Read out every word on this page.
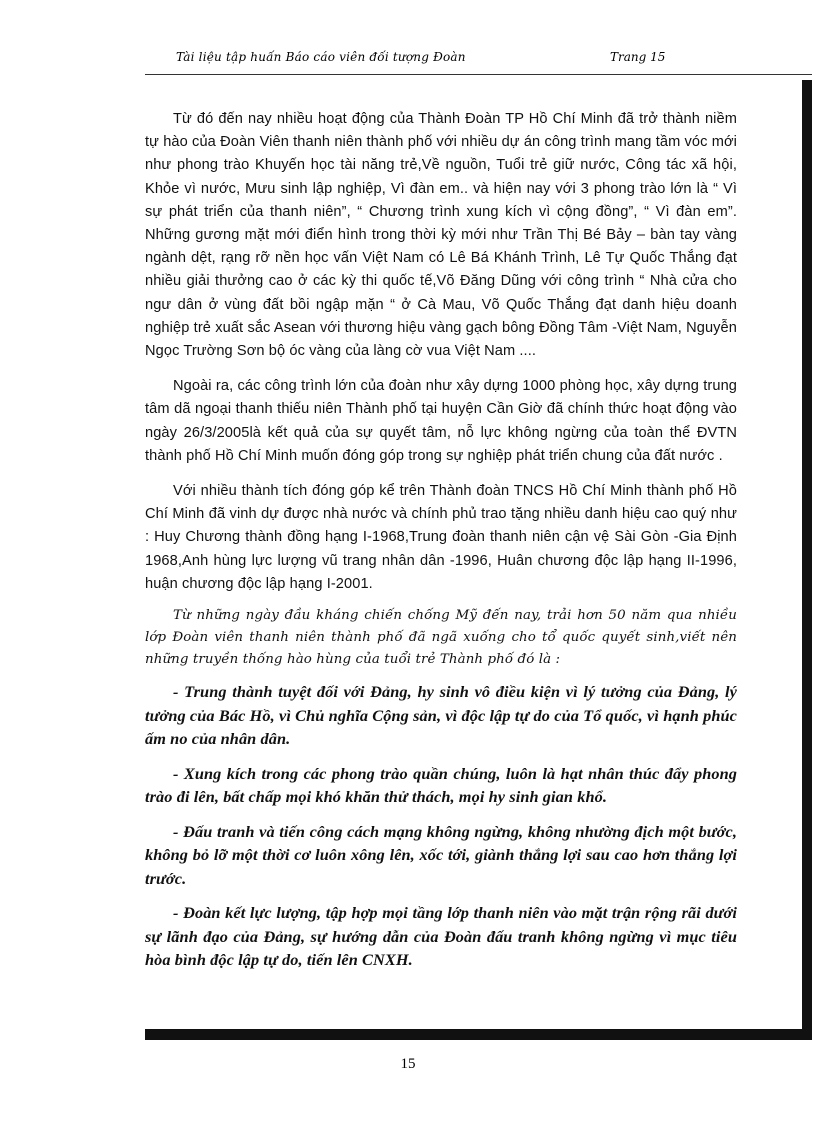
Tài liệu tập huấn Báo cáo viên đối tượng Đoàn	Trang 15

Từ đó đến nay nhiều hoạt động của Thành Đoàn TP Hồ Chí Minh đã trở thành niềm tự hào của Đoàn Viên thanh niên thành phố với nhiều dự án công trình mang tầm vóc mới như phong trào Khuyến học tài năng trẻ,Về nguồn, Tuổi trẻ giữ nước, Công tác xã hội, Khỏe vì nước, Mưu sinh lập nghiệp, Vì đàn em.. và hiện nay với 3 phong trào lớn là “ Vì sự phát triển của thanh niên”, “ Chương trình xung kích vì cộng đồng”, “ Vì đàn em”. Những gương mặt mới điển hình trong thời kỳ mới như Trần Thị Bé Bảy – bàn tay vàng ngành dệt, rạng rỡ nền học vấn Việt Nam có Lê Bá Khánh Trình, Lê Tự Quốc Thắng đạt nhiều giải thưởng cao ở các kỳ thi quốc tế,Võ Đăng Dũng với công trình “ Nhà cửa cho ngư dân ở vùng đất bồi ngập mặn “ ở Cà Mau, Võ Quốc Thắng đạt danh hiệu doanh nghiệp trẻ xuất sắc Asean với thương hiệu vàng gạch bông Đồng Tâm -Việt Nam, Nguyễn Ngọc Trường Sơn bộ óc vàng của làng cờ vua Việt Nam ....

Ngoài ra, các công trình lớn của đoàn như xây dựng 1000 phòng học, xây dựng trung tâm dã ngoại thanh thiếu niên Thành phố tại huyện Cần Giờ đã chính thức hoạt động vào ngày 26/3/2005là kết quả của sự quyết tâm, nỗ lực không ngừng của toàn thể ĐVTN thành phố Hồ Chí Minh muốn đóng góp trong sự nghiệp phát triển chung của đất nước .

Với nhiều thành tích đóng góp kể trên Thành đoàn TNCS Hồ Chí Minh thành phố Hồ Chí Minh đã vinh dự được nhà nước và chính phủ trao tặng nhiều danh hiệu cao quý như : Huy Chương thành đồng hạng I-1968,Trung đoàn thanh niên cận vệ Sài Gòn -Gia Định 1968,Anh hùng lực lượng vũ trang nhân dân -1996, Huân chương độc lập hạng II-1996, huận chương độc lập hạng I-2001.

Từ những ngày đầu kháng chiến chống Mỹ đến nay, trải hơn 50 năm qua nhiều lớp Đoàn viên thanh niên thành phố đã ngã xuống cho tổ quốc quyết sinh,viết nên những truyền thống hào hùng của tuổi trẻ Thành phố đó là :

- Trung thành tuyệt đối với Đảng, hy sinh vô điều kiện vì lý tưởng của Đảng, lý tưởng của Bác Hồ, vì Chủ nghĩa Cộng sản, vì độc lập tự do của Tổ quốc, vì hạnh phúc ấm no của nhân dân.

- Xung kích trong các phong trào quần chúng, luôn là hạt nhân thúc đẩy phong trào đi lên, bất chấp mọi khó khăn thử thách, mọi hy sinh gian khổ.

- Đấu tranh và tiến công cách mạng không ngừng, không nhường địch một bước, không bỏ lỡ một thời cơ luôn xông lên, xốc tới, giành thắng lợi sau cao hơn thắng lợi trước.

- Đoàn kết lực lượng, tập hợp mọi tầng lớp thanh niên vào mặt trận rộng rãi dưới sự lãnh đạo của Đảng, sự hướng dẫn của Đoàn đấu tranh không ngừng vì mục tiêu hòa bình độc lập tự do, tiến lên CNXH.

15
